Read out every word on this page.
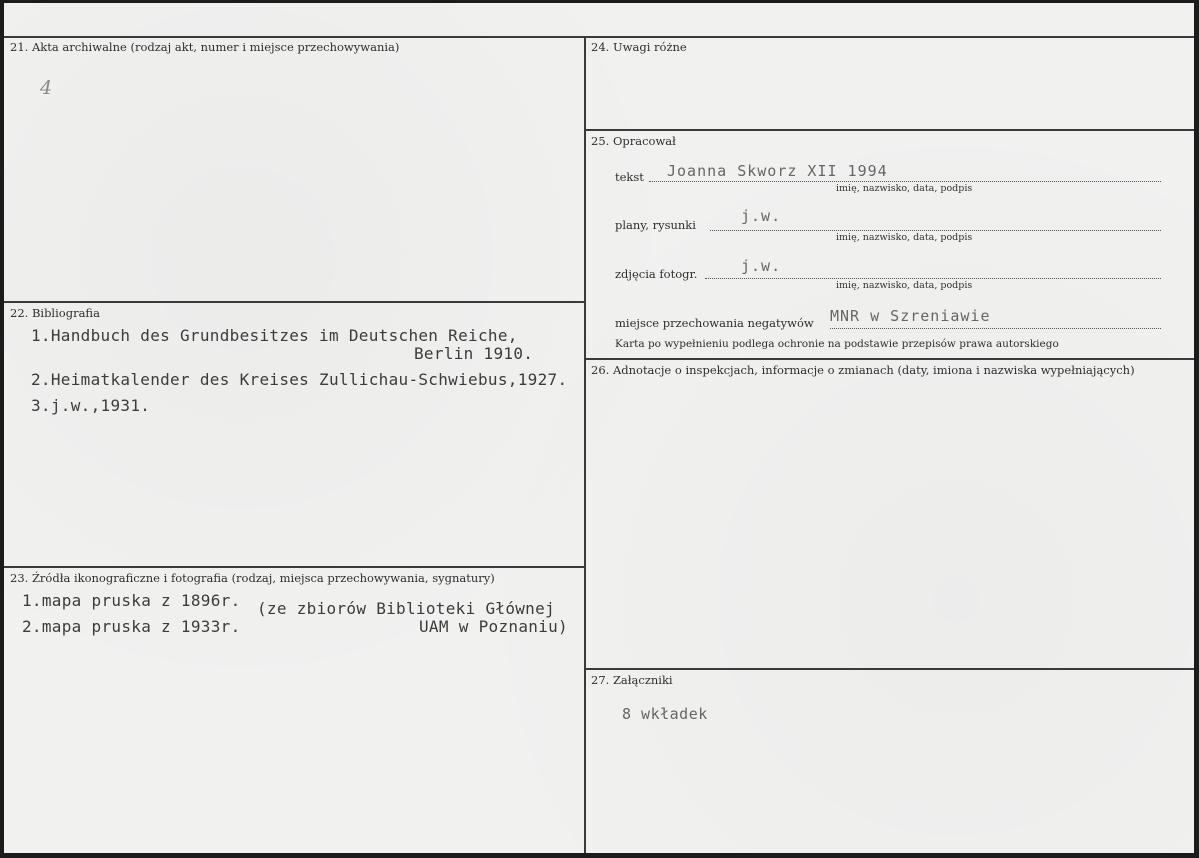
21. Akta archiwalne (rodzaj akt, numer i miejsce przechowywania)
4
22. Bibliografia
1.Handbuch des Grundbesitzes im Deutschen Reiche,
Berlin 1910.
2.Heimatkalender des Kreises Zullichau-Schwiebus,1927.
3.j.w.,1931.
23. Źródła ikonograficzne i fotografia (rodzaj, miejsca przechowywania, sygnatury)
1.mapa pruska z 1896r.
2.mapa pruska z 1933r.
(ze zbiorów Biblioteki Głównej
UAM w Poznaniu)
24. Uwagi różne
25. Opracował
tekst Joanna Skworz XII 1994
imię, nazwisko, data, podpis
plany, rysunki	j.w.
imię, nazwisko, data, podpis
zdjęcia fotogr.	j.w.
imię, nazwisko, data, podpis
miejsce przechowania negatywów MNR w Szreniawie
Karta po wypełnieniu podlega ochronie na podstawie przepisów prawa autorskiego
26. Adnotacje o inspekcjach, informacje o zmianach (daty, imiona i nazwiska wypełniających)
27. Załączniki
8 wkładek
